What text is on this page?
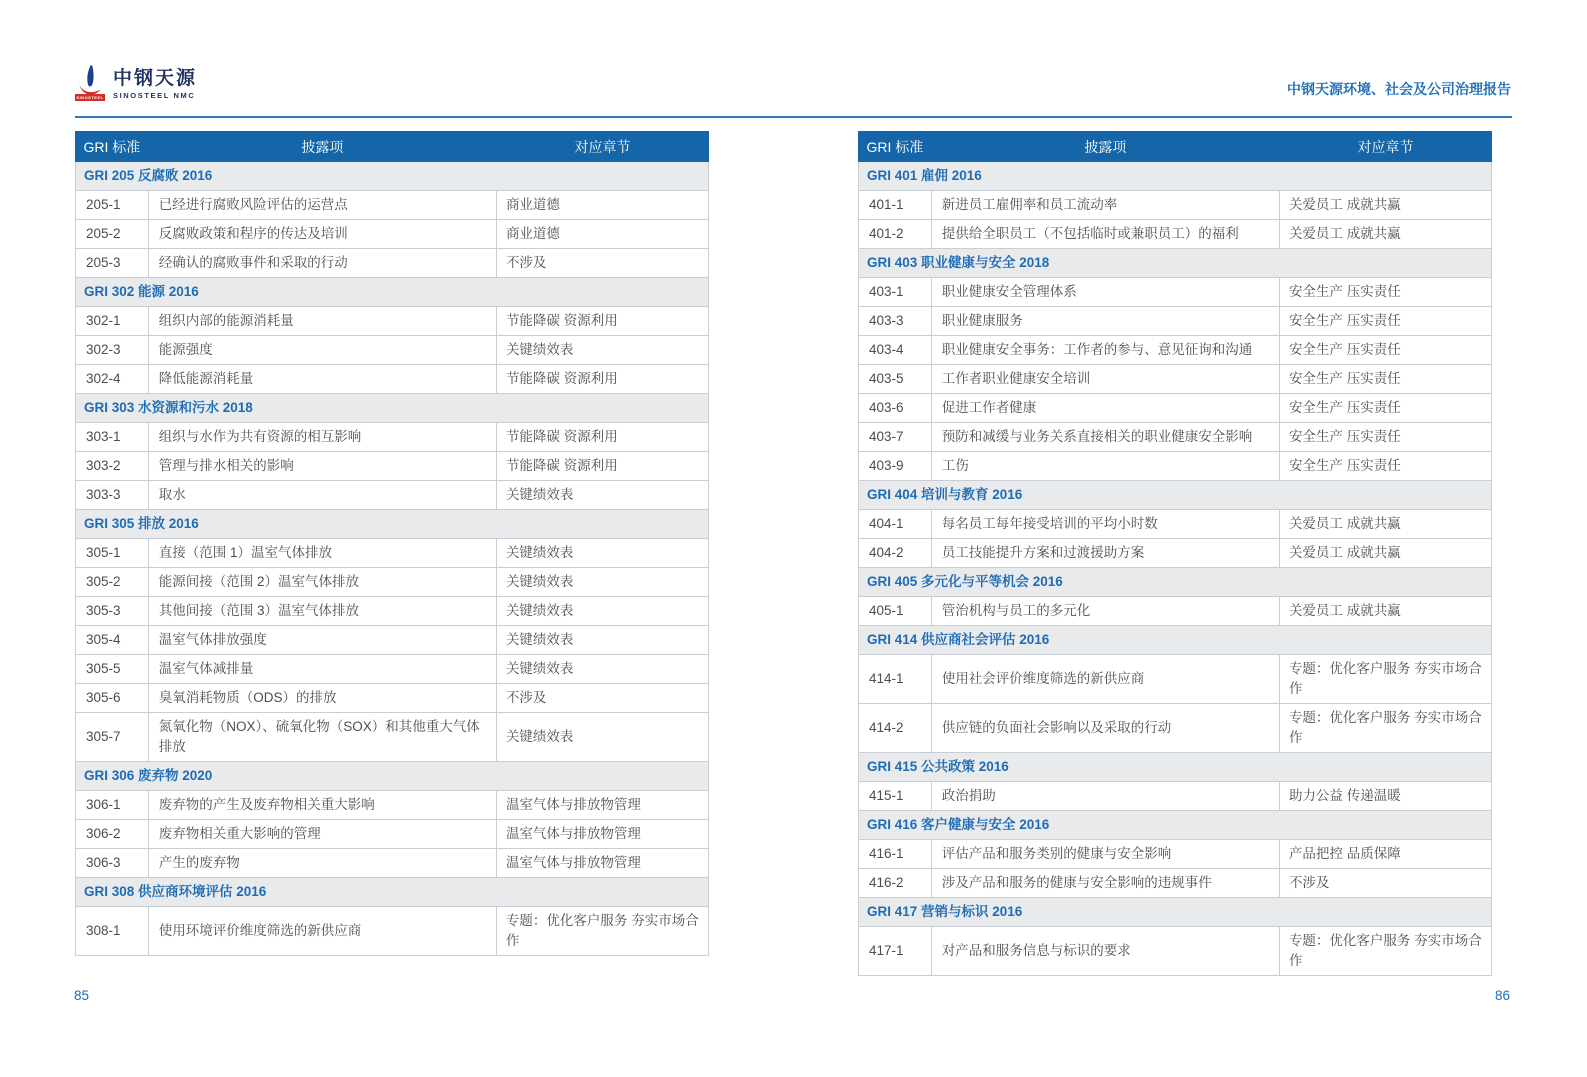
SINOSTEEL
中钢天源
SINOSTEEL NMC	中钢天源环境、社会及公司治理报告
GRI 标准	披露项	对应章节
GRI 205 反腐败 2016		
205-1	已经进行腐败风险评估的运营点	商业道德
205-2	反腐败政策和程序的传达及培训	商业道德
205-3	经确认的腐败事件和采取的行动	不涉及
GRI 302 能源 2016		
302-1	组织内部的能源消耗量	节能降碳 资源利用
302-3	能源强度	关键绩效表
302-4	降低能源消耗量	节能降碳 资源利用
GRI 303 水资源和污水 2018		
303-1	组织与水作为共有资源的相互影响	节能降碳 资源利用
303-2	管理与排水相关的影响	节能降碳 资源利用
303-3	取水	关键绩效表
GRI 305 排放 2016		
305-1	直接（范围 1）温室气体排放	关键绩效表
305-2	能源间接（范围 2）温室气体排放	关键绩效表
305-3	其他间接（范围 3）温室气体排放	关键绩效表
305-4	温室气体排放强度	关键绩效表
305-5	温室气体减排量	关键绩效表
305-6	臭氧消耗物质（ODS）的排放	不涉及
305-7	氮氧化物（NOX）、硫氧化物（SOX）和其他重大气体排放	关键绩效表
GRI 306 废弃物 2020		
306-1	废弃物的产生及废弃物相关重大影响	温室气体与排放物管理
306-2	废弃物相关重大影响的管理	温室气体与排放物管理
306-3	产生的废弃物	温室气体与排放物管理
GRI 308 供应商环境评估 2016		
308-1	使用环境评价维度筛选的新供应商	专题：优化客户服务 夯实市场合作
GRI 标准	披露项	对应章节
GRI 401 雇佣 2016		
401-1	新进员工雇佣率和员工流动率	关爱员工 成就共赢
401-2	提供给全职员工（不包括临时或兼职员工）的福利	关爱员工 成就共赢
GRI 403 职业健康与安全 2018		
403-1	职业健康安全管理体系	安全生产 压实责任
403-3	职业健康服务	安全生产 压实责任
403-4	职业健康安全事务：工作者的参与、意见征询和沟通	安全生产 压实责任
403-5	工作者职业健康安全培训	安全生产 压实责任
403-6	促进工作者健康	安全生产 压实责任
403-7	预防和减缓与业务关系直接相关的职业健康安全影响	安全生产 压实责任
403-9	工伤	安全生产 压实责任
GRI 404 培训与教育 2016		
404-1	每名员工每年接受培训的平均小时数	关爱员工 成就共赢
404-2	员工技能提升方案和过渡援助方案	关爱员工 成就共赢
GRI 405 多元化与平等机会 2016		
405-1	管治机构与员工的多元化	关爱员工 成就共赢
GRI 414 供应商社会评估 2016		
414-1	使用社会评价维度筛选的新供应商	专题：优化客户服务 夯实市场合作
414-2	供应链的负面社会影响以及采取的行动	专题：优化客户服务 夯实市场合作
GRI 415 公共政策 2016		
415-1	政治捐助	助力公益 传递温暖
GRI 416 客户健康与安全 2016		
416-1	评估产品和服务类别的健康与安全影响	产品把控 品质保障
416-2	涉及产品和服务的健康与安全影响的违规事件	不涉及
GRI 417 营销与标识 2016		
417-1	对产品和服务信息与标识的要求	专题：优化客户服务 夯实市场合作
85	86
